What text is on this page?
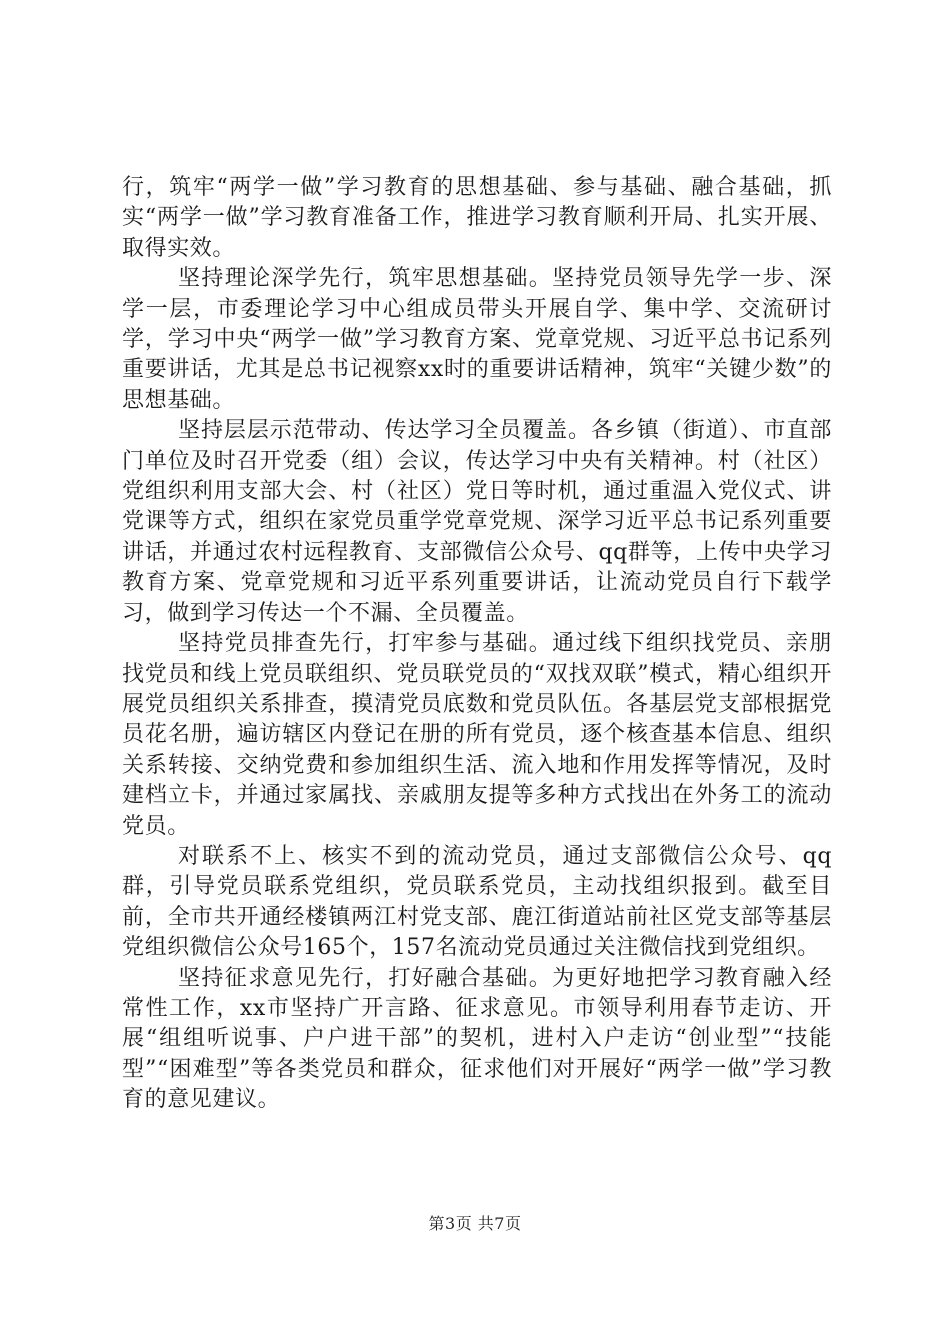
行，筑牢“两学一做”学习教育的思想基础、参与基础、融合基础，抓实“两学一做”学习教育准备工作，推进学习教育顺利开局、扎实开展、取得实效。

坚持理论深学先行，筑牢思想基础。坚持党员领导先学一步、深学一层，市委理论学习中心组成员带头开展自学、集中学、交流研讨学，学习中央“两学一做”学习教育方案、党章党规、习近平总书记系列重要讲话，尤其是总书记视察xx时的重要讲话精神，筑牢“关键少数”的思想基础。

坚持层层示范带动、传达学习全员覆盖。各乡镇（街道）、市直部门单位及时召开党委（组）会议，传达学习中央有关精神。村（社区）党组织利用支部大会、村（社区）党日等时机，通过重温入党仪式、讲党课等方式，组织在家党员重学党章党规、深学习近平总书记系列重要讲话，并通过农村远程教育、支部微信公众号、qq群等，上传中央学习教育方案、党章党规和习近平系列重要讲话，让流动党员自行下载学习，做到学习传达一个不漏、全员覆盖。

坚持党员排查先行，打牢参与基础。通过线下组织找党员、亲朋找党员和线上党员联组织、党员联党员的“双找双联”模式，精心组织开展党员组织关系排查，摸清党员底数和党员队伍。各基层党支部根据党员花名册，遍访辖区内登记在册的所有党员，逐个核查基本信息、组织关系转接、交纳党费和参加组织生活、流入地和作用发挥等情况，及时建档立卡，并通过家属找、亲戚朋友提等多种方式找出在外务工的流动党员。

对联系不上、核实不到的流动党员，通过支部微信公众号、qq群，引导党员联系党组织，党员联系党员，主动找组织报到。截至目前，全市共开通经楼镇两江村党支部、鹿江街道站前社区党支部等基层党组织微信公众号165个，157名流动党员通过关注微信找到党组织。

坚持征求意见先行，打好融合基础。为更好地把学习教育融入经常性工作，xx市坚持广开言路、征求意见。市领导利用春节走访、开展“组组听说事、户户进干部”的契机，进村入户走访“创业型”“技能型”“困难型”等各类党员和群众，征求他们对开展好“两学一做”学习教育的意见建议。

第3页 共7页
